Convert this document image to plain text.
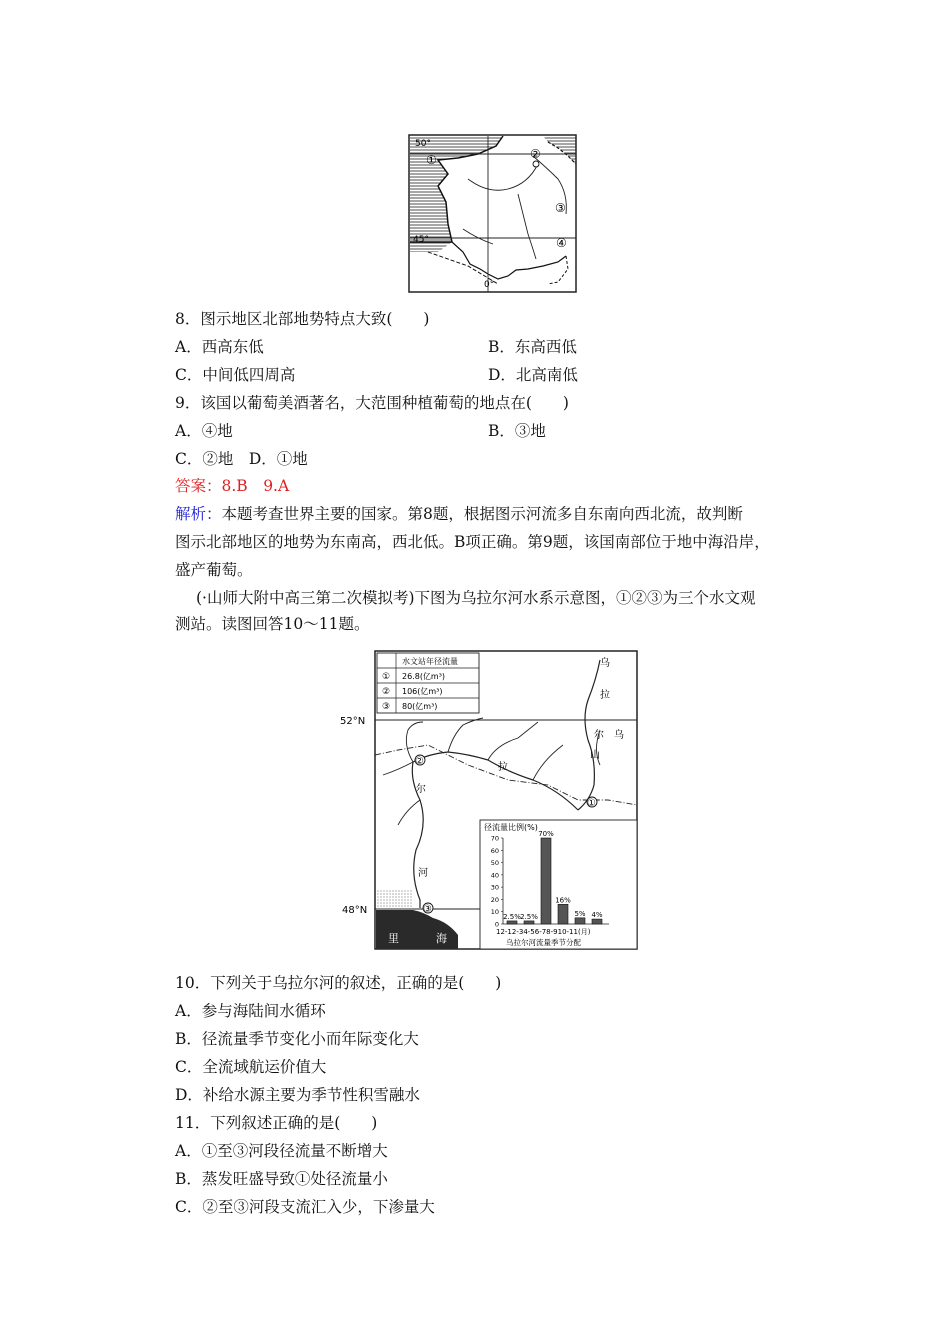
50°
45°
0°
①	②
③
④
8．图示地区北部地势特点大致(　　)
A．西高东低	B．东高西低
C．中间低四周高	D．北高南低
9．该国以葡萄美酒著名，大范围种植葡萄的地点在(　　)
A．④地	B．③地
C．②地　D．①地
答案：8.B　9.A
解析：本题考查世界主要的国家。第8题，根据图示河流多自东南向西北流，故判断
图示北部地区的地势为东南高，西北低。B项正确。第9题，该国南部位于地中海沿岸，
盛产葡萄。
(·山师大附中高三第二次模拟考)下图为乌拉尔河水系示意图，①②③为三个水文观
测站。读图回答10～11题。
52°N
48°N
水文站年径流量
① 26.8(亿m³)
② 106(亿m³)
③ 80(亿m³)
②
①
③
乌
拉
尔 乌
山
拉
尔
河
里	海
径流量比例(%)
乌拉尔河流量季节分配
12-12-34-56-78-910-11(月)
0
10
20
30
40
50
60
70
2.5% 2.5%
70%
16%
5% 4%
10．下列关于乌拉尔河的叙述，正确的是(　　)
A．参与海陆间水循环
B．径流量季节变化小而年际变化大
C．全流域航运价值大
D．补给水源主要为季节性积雪融水
11．下列叙述正确的是(　　)
A．①至③河段径流量不断增大
B．蒸发旺盛导致①处径流量小
C．②至③河段支流汇入少，下渗量大
